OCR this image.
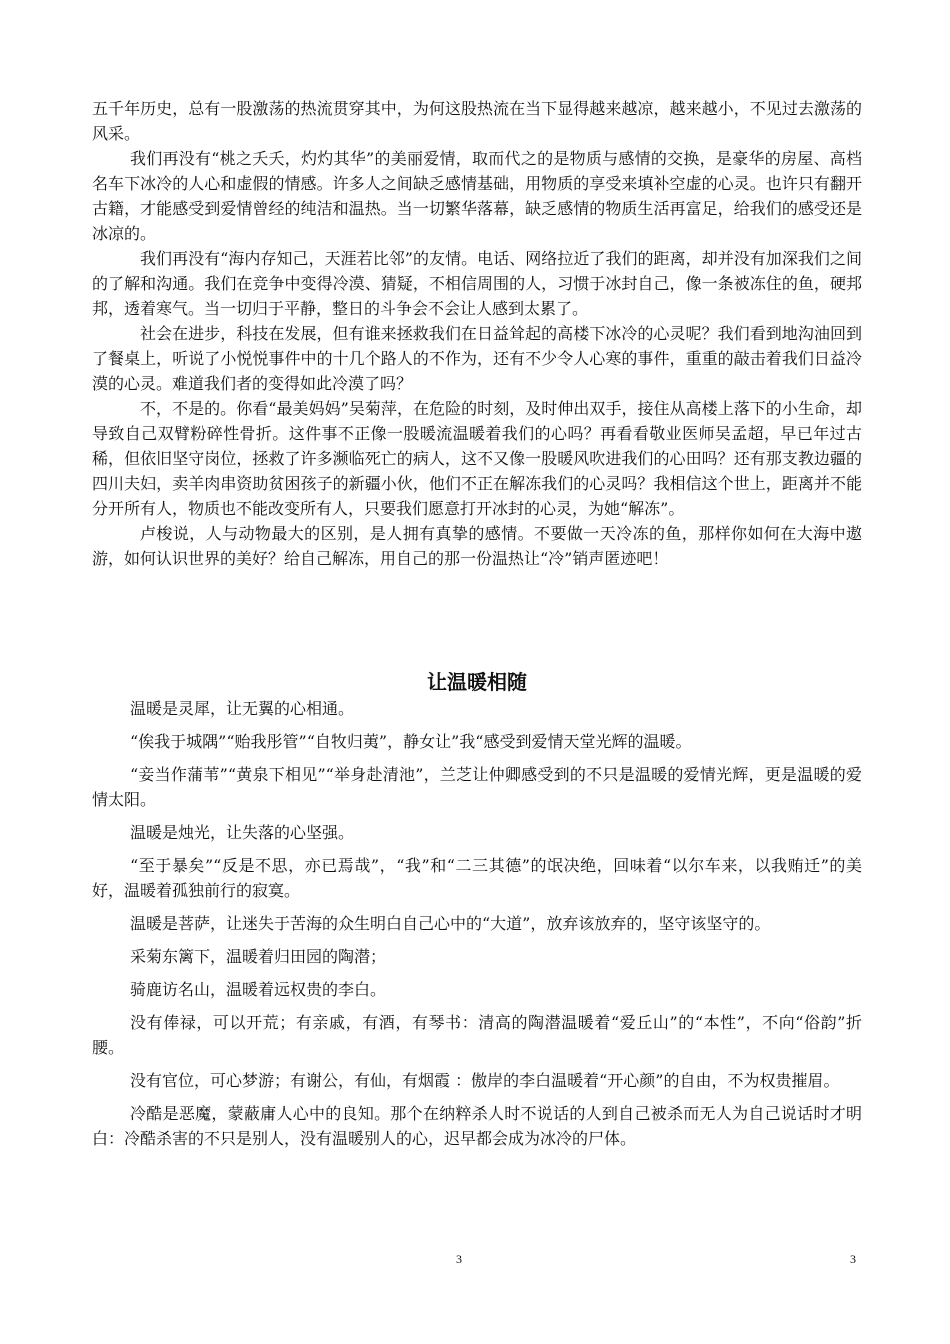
五千年历史，总有一股激荡的热流贯穿其中，为何这股热流在当下显得越来越凉，越来越小，不见过去激荡的风采。

我们再没有“桃之夭夭，灼灼其华”的美丽爱情，取而代之的是物质与感情的交换，是豪华的房屋、高档名车下冰冷的人心和虚假的情感。许多人之间缺乏感情基础，用物质的享受来填补空虚的心灵。也许只有翻开古籍，才能感受到爱情曾经的纯洁和温热。当一切繁华落幕，缺乏感情的物质生活再富足，给我们的感受还是冰凉的。

我们再没有“海内存知己，天涯若比邻”的友情。电话、网络拉近了我们的距离，却并没有加深我们之间的了解和沟通。我们在竞争中变得冷漠、猜疑，不相信周围的人，习惯于冰封自己，像一条被冻住的鱼，硬邦邦，透着寒气。当一切归于平静，整日的斗争会不会让人感到太累了。

社会在进步，科技在发展，但有谁来拯救我们在日益耸起的高楼下冰冷的心灵呢？我们看到地沟油回到了餐桌上，听说了小悦悦事件中的十几个路人的不作为，还有不少令人心寒的事件，重重的敲击着我们日益冷漠的心灵。难道我们者的变得如此冷漠了吗？

不，不是的。你看“最美妈妈”吴菊萍，在危险的时刻，及时伸出双手，接住从高楼上落下的小生命，却导致自己双臂粉碎性骨折。这件事不正像一股暖流温暖着我们的心吗？再看看敬业医师吴孟超，早已年过古稀，但依旧坚守岗位，拯救了许多濒临死亡的病人，这不又像一股暖风吹进我们的心田吗？还有那支教边疆的四川夫妇，卖羊肉串资助贫困孩子的新疆小伙，他们不正在解冻我们的心灵吗？我相信这个世上，距离并不能分开所有人，物质也不能改变所有人，只要我们愿意打开冰封的心灵，为她“解冻”。

卢梭说，人与动物最大的区别，是人拥有真挚的感情。不要做一天冷冻的鱼，那样你如何在大海中遨游，如何认识世界的美好？给自己解冻，用自己的那一份温热让“冷”销声匿迹吧！

让温暖相随

温暖是灵犀，让无翼的心相通。

“俟我于城隅”“贻我彤管”“自牧归荑”，静女让”我“感受到爱情天堂光辉的温暖。

“妾当作蒲苇”“黄泉下相见”“举身赴清池”，兰芝让仲卿感受到的不只是温暖的爱情光辉，更是温暖的爱情太阳。

温暖是烛光，让失落的心坚强。

“至于暴矣”“反是不思，亦已焉哉”，“我”和“二三其德”的氓决绝，回味着“以尔车来，以我贿迁”的美好，温暖着孤独前行的寂寞。

温暖是菩萨，让迷失于苦海的众生明白自己心中的“大道”，放弃该放弃的，坚守该坚守的。

采菊东篱下，温暖着归田园的陶潜；

骑鹿访名山，温暖着远权贵的李白。

没有俸禄，可以开荒；有亲戚，有酒，有琴书：清高的陶潜温暖着“爱丘山”的“本性”，不向“俗韵”折腰。

没有官位，可心梦游；有谢公，有仙，有烟霞 ：傲岸的李白温暖着“开心颜”的自由，不为权贵摧眉。

冷酷是恶魔，蒙蔽庸人心中的良知。那个在纳粹杀人时不说话的人到自己被杀而无人为自己说话时才明白：冷酷杀害的不只是别人，没有温暖别人的心，迟早都会成为冰冷的尸体。

3	3
